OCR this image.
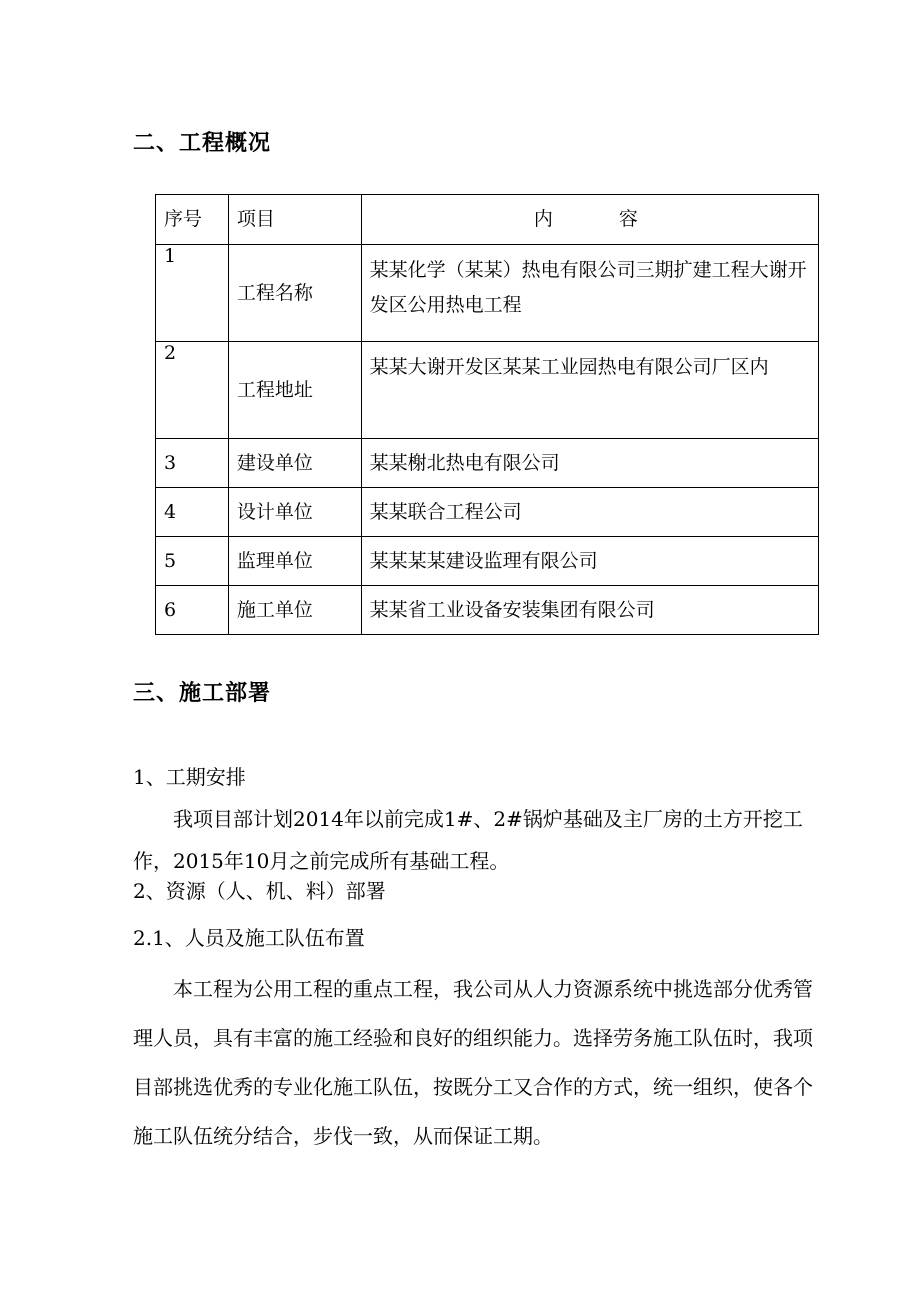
二、工程概况
序号	项目	内容
1	工程名称	某某化学（某某）热电有限公司三期扩建工程大谢开发区公用热电工程
2	工程地址	某某大谢开发区某某工业园热电有限公司厂区内
3	建设单位	某某榭北热电有限公司
4	设计单位	某某联合工程公司
5	监理单位	某某某某建设监理有限公司
6	施工单位	某某省工业设备安装集团有限公司
三、施工部署
1、工期安排
我项目部计划2014年以前完成1#、2#锅炉基础及主厂房的土方开挖工作，2015年10月之前完成所有基础工程。
2、资源（人、机、料）部署
2.1、人员及施工队伍布置
本工程为公用工程的重点工程，我公司从人力资源系统中挑选部分优秀管理人员，具有丰富的施工经验和良好的组织能力。选择劳务施工队伍时，我项目部挑选优秀的专业化施工队伍，按既分工又合作的方式，统一组织，使各个施工队伍统分结合，步伐一致，从而保证工期。
